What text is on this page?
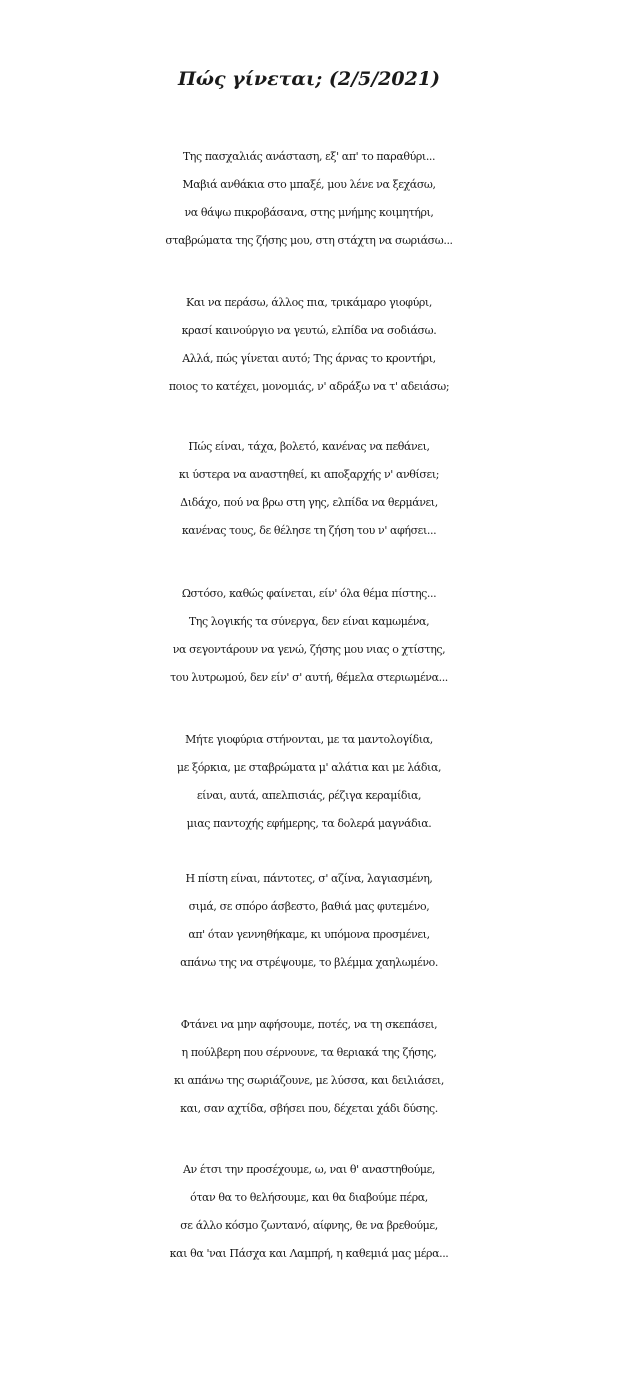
Πώς γίνεται; (2/5/2021)
Της πασχαλιάς ανάσταση, εξ' απ' το παραθύρι...
Μαβιά ανθάκια στο μπαξέ, μου λένε να ξεχάσω,
να θάψω πικροβάσανα, στης μνήμης κοιμητήρι,
σταβρώματα της ζήσης μου, στη στάχτη να σωριάσω...
Και να περάσω, άλλος πια, τρικάμαρο γιοφύρι,
κρασί καινούργιο να γευτώ, ελπίδα να σοδιάσω.
Αλλά, πώς γίνεται αυτό; Της άρνας το κροντήρι,
ποιος το κατέχει, μονομιάς, ν' αδράξω να τ' αδειάσω;
Πώς είναι, τάχα, βολετό, κανένας να πεθάνει,
κι ύστερα να αναστηθεί, κι αποξαρχής ν' ανθίσει;
Διδάχο, πού να βρω στη γης, ελπίδα να θερμάνει,
κανένας τους, δε θέλησε τη ζήση του ν' αφήσει...
Ωστόσο, καθώς φαίνεται, είν' όλα θέμα πίστης...
Της λογικής τα σύνεργα, δεν είναι καμωμένα,
να σεγοντάρουν να γενώ, ζήσης μου νιας ο χτίστης,
του λυτρωμού, δεν είν' σ' αυτή, θέμελα στεριωμένα...
Μήτε γιοφύρια στήνονται, με τα μαντολογίδια,
με ξόρκια, με σταβρώματα μ' αλάτια και με λάδια,
είναι, αυτά, απελπισιάς, ρέζιγα κεραμίδια,
μιας παντοχής εφήμερης, τα δολερά μαγνάδια.
Η πίστη είναι, πάντοτες, σ' αζίνα, λαγιασμένη,
σιμά, σε σπόρο άσβεστο, βαθιά μας φυτεμένο,
απ' όταν γεννηθήκαμε, κι υπόμονα προσμένει,
απάνω της να στρέψουμε, το βλέμμα χαηλωμένο.
Φτάνει να μην αφήσουμε, ποτές, να τη σκεπάσει,
η πούλβερη που σέρνουνε, τα θεριακά της ζήσης,
κι απάνω της σωριάζουνε, με λύσσα, και δειλιάσει,
και, σαν αχτίδα, σβήσει που, δέχεται χάδι δύσης.
Αν έτσι την προσέχουμε, ω, ναι θ' αναστηθούμε,
όταν θα το θελήσουμε, και θα διαβούμε πέρα,
σε άλλο κόσμο ζωντανό, αίφνης, θε να βρεθούμε,
και θα 'ναι Πάσχα και Λαμπρή, η καθεμιά μας μέρα...
